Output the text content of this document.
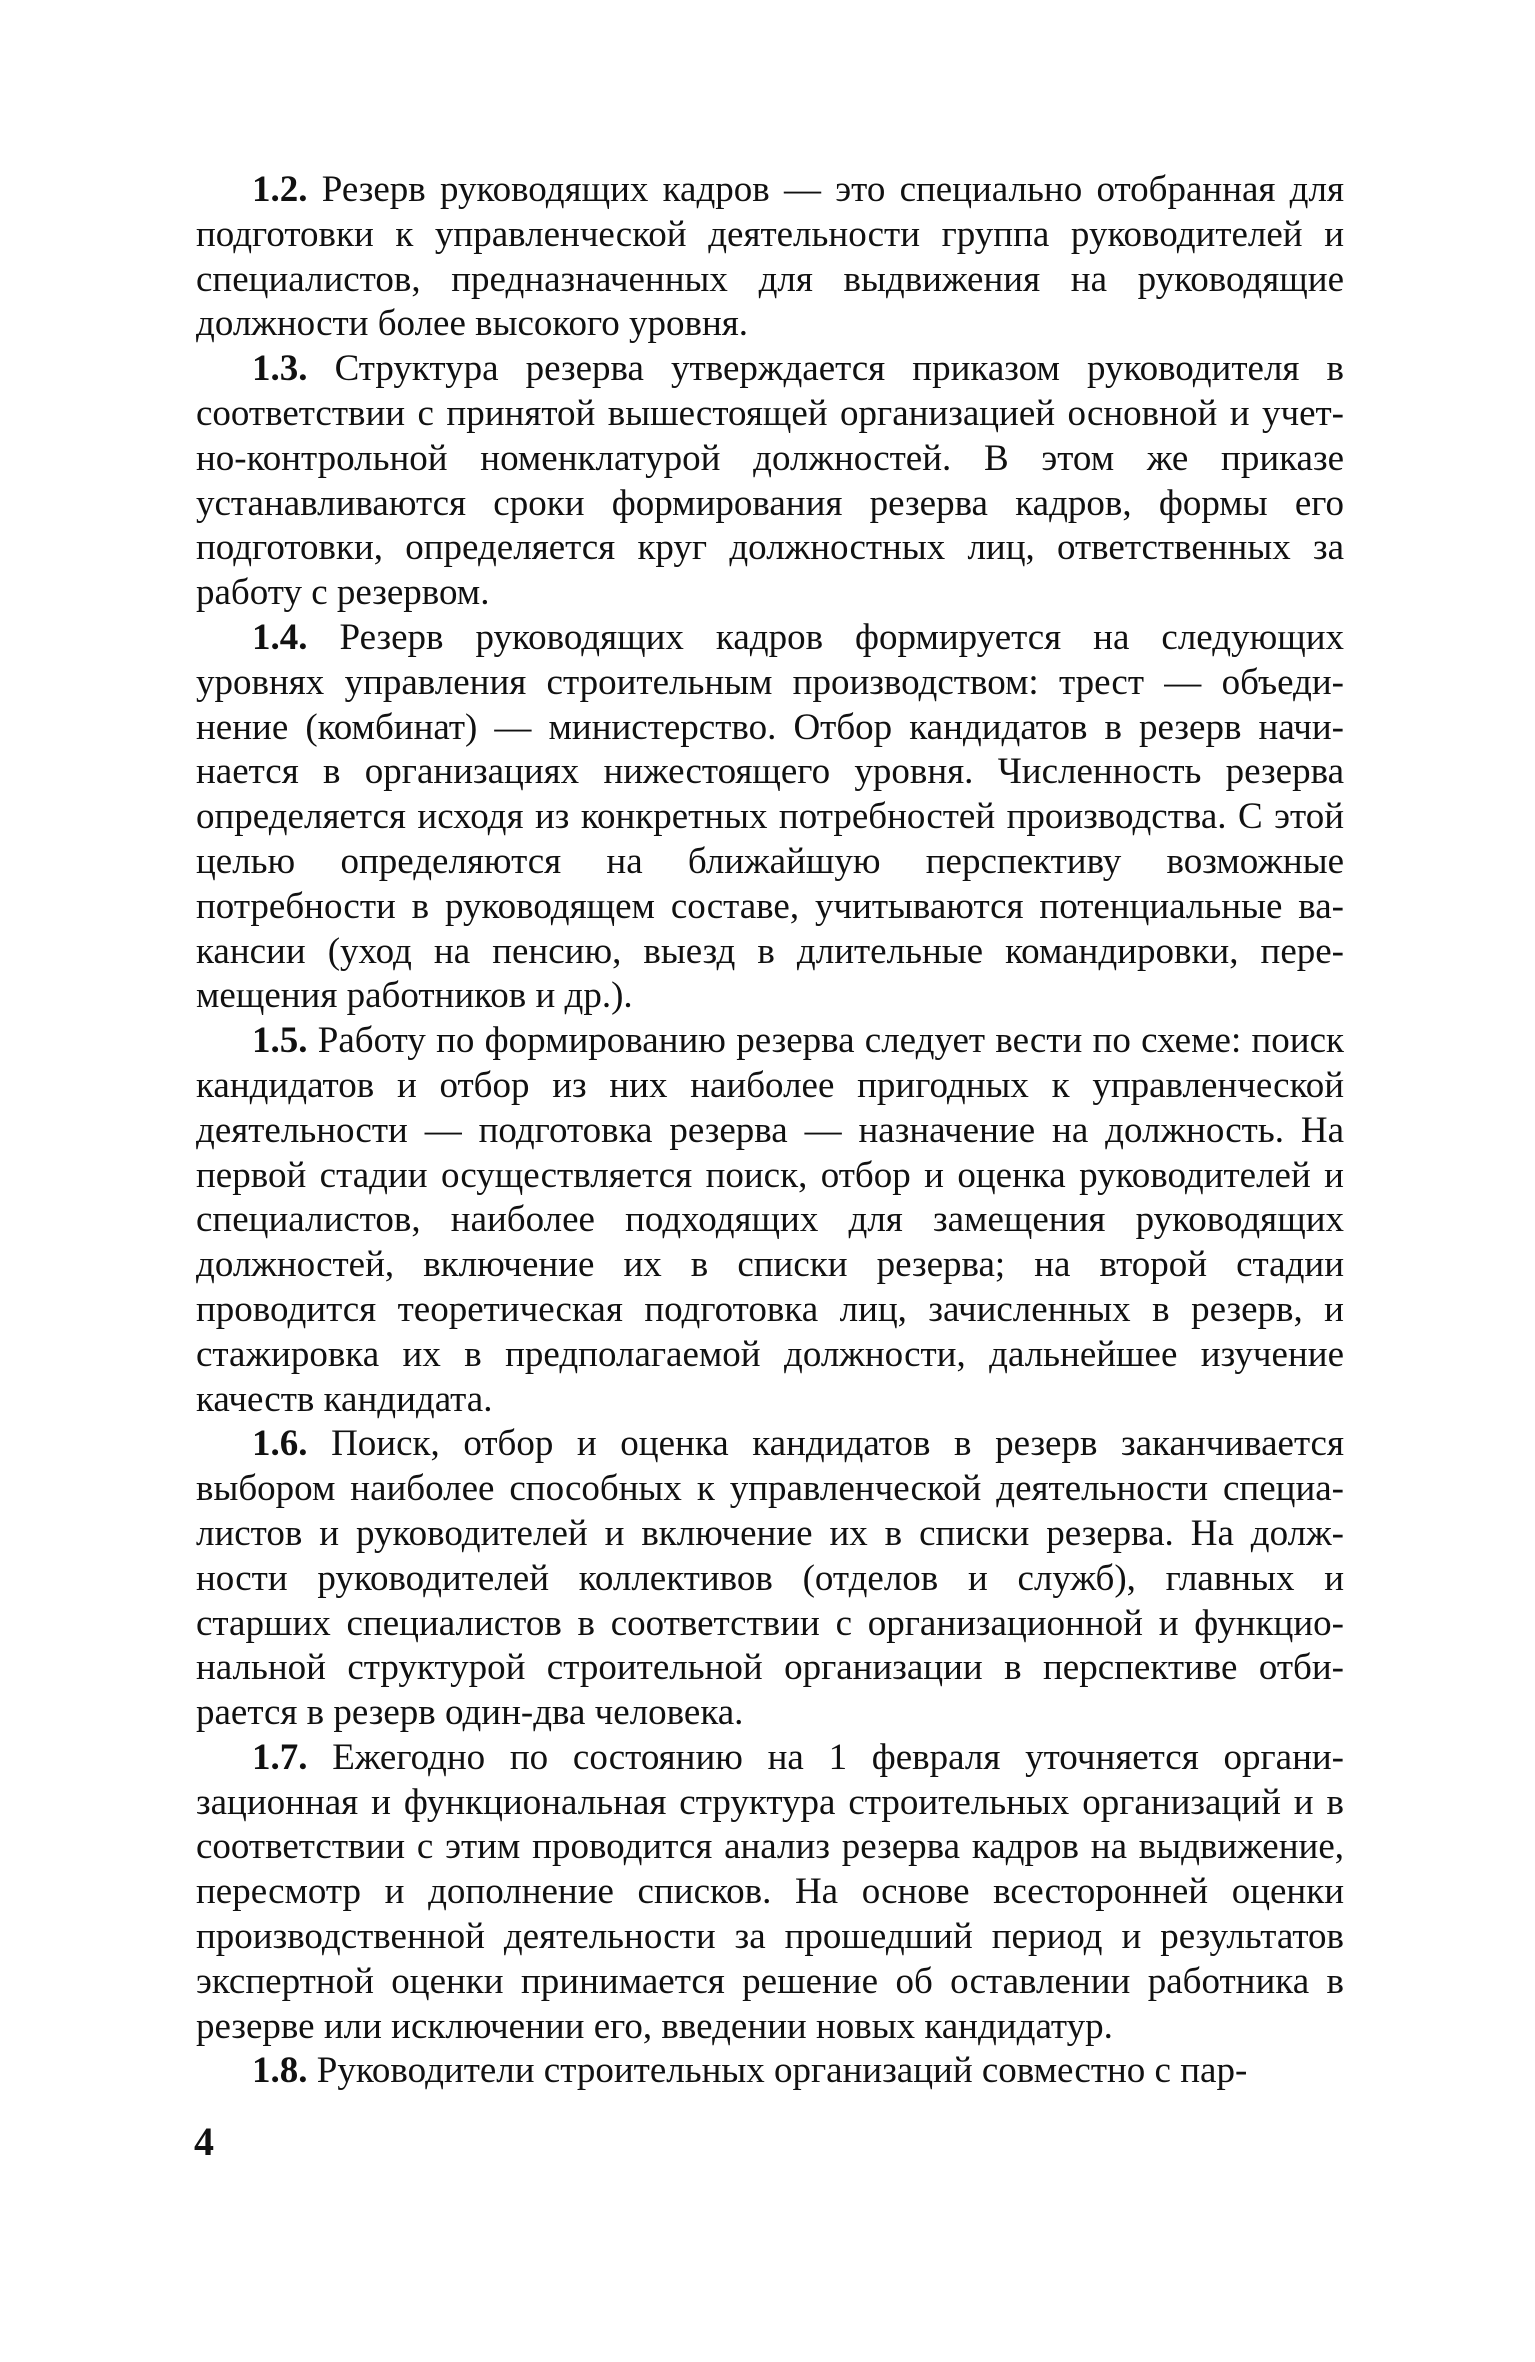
1.2. Резерв руководящих кадров — это специально отобранная для подготовки к управленческой деятельности группа руководителей и специалистов, предназначенных для выдвижения на руководящие должности более высокого уровня.

1.3. Структура резерва утверждается приказом руководителя в соответствии с принятой вышестоящей организацией основной и учетно-контрольной номенклатурой должностей. В этом же приказе устанавливаются сроки формирования резерва кадров, формы его подготовки, определяется круг должностных лиц, ответственных за работу с резервом.

1.4. Резерв руководящих кадров формируется на следующих уровнях управления строительным производством: трест — объединение (комбинат) — министерство. Отбор кандидатов в резерв начинается в организациях нижестоящего уровня. Численность резерва определяется исходя из конкретных потребностей производства. С этой целью определяются на ближайшую перспективу возможные потребности в руководящем составе, учитываются потенциальные вакансии (уход на пенсию, выезд в длительные командировки, перемещения работников и др.).

1.5. Работу по формированию резерва следует вести по схеме: поиск кандидатов и отбор из них наиболее пригодных к управленческой деятельности — подготовка резерва — назначение на должность. На первой стадии осуществляется поиск, отбор и оценка руководителей и специалистов, наиболее подходящих для замещения руководящих должностей, включение их в списки резерва; на второй стадии проводится теоретическая подготовка лиц, зачисленных в резерв, и стажировка их в предполагаемой должности, дальнейшее изучение качеств кандидата.

1.6. Поиск, отбор и оценка кандидатов в резерв заканчивается выбором наиболее способных к управленческой деятельности специалистов и руководителей и включение их в списки резерва. На должности руководителей коллективов (отделов и служб), главных и старших специалистов в соответствии с организационной и функциональной структурой строительной организации в перспективе отбирается в резерв один-два человека.

1.7. Ежегодно по состоянию на 1 февраля уточняется организационная и функциональная структура строительных организаций и в соответствии с этим проводится анализ резерва кадров на выдвижение, пересмотр и дополнение списков. На основе всесторонней оценки производственной деятельности за прошедший период и результатов экспертной оценки принимается решение об оставлении работника в резерве или исключении его, введении новых кандидатур.

1.8. Руководители строительных организаций совместно с пар-

4
